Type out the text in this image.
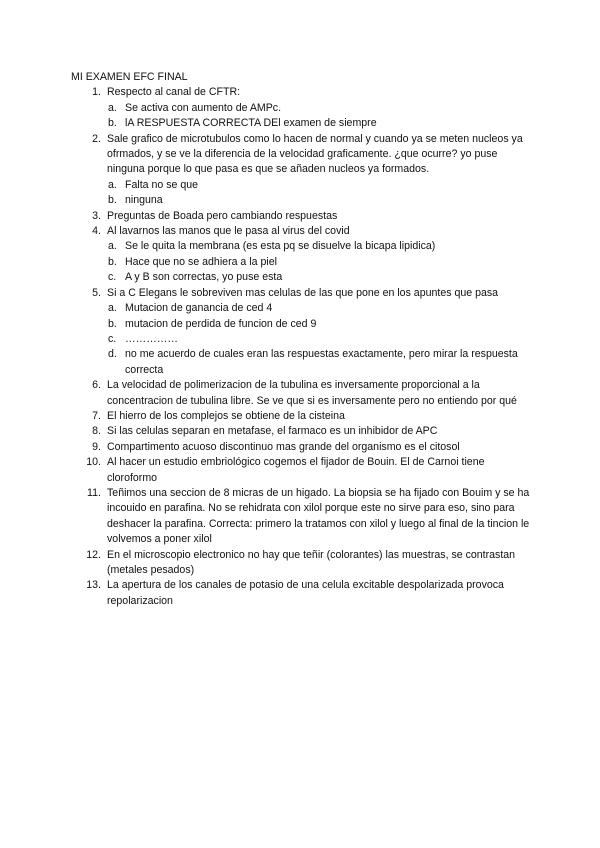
MI EXAMEN EFC FINAL

1. Respecto al canal de CFTR:
a. Se activa con aumento de AMPc.
b. lA RESPUESTA CORRECTA DEl examen de siempre
2. Sale grafico de microtubulos como lo hacen de normal y cuando ya se meten nucleos ya ofrmados, y se ve la diferencia de la velocidad graficamente. ¿que ocurre? yo puse ninguna porque lo que pasa es que se añaden nucleos ya formados.
a. Falta no se que
b. ninguna
3. Preguntas de Boada pero cambiando respuestas
4. Al lavarnos las manos que le pasa al virus del covid
a. Se le quita la membrana (es esta pq se disuelve la bicapa lipidica)
b. Hace que no se adhiera a la piel
c. A y B son correctas, yo puse esta
5. Si a C Elegans le sobreviven mas celulas de las que pone en los apuntes que pasa
a. Mutacion de ganancia de ced 4
b. mutacion de perdida de funcion de ced 9
c. ……………
d. no me acuerdo de cuales eran las respuestas exactamente, pero mirar la respuesta correcta
6. La velocidad de polimerizacion de la tubulina es inversamente proporcional a la concentracion de tubulina libre. Se ve que si es inversamente pero no entiendo por qué
7. El hierro de los complejos se obtiene de la cisteina
8. Si las celulas separan en metafase, el farmaco es un inhibidor de APC
9. Compartimento acuoso discontinuo mas grande del organismo es el citosol
10. Al hacer un estudio embriológico cogemos el fijador de Bouin. El de Carnoi tiene cloroformo
11. Teñimos una seccion de 8 micras de un higado. La biopsia se ha fijado con Bouim y se ha incouido en parafina. No se rehidrata con xilol porque este no sirve para eso, sino para deshacer la parafina. Correcta: primero la tratamos con xilol y luego al final de la tincion le volvemos a poner xilol
12. En el microscopio electronico no hay que teñir (colorantes) las muestras, se contrastan (metales pesados)
13. La apertura de los canales de potasio de una celula excitable despolarizada provoca repolarizacion
